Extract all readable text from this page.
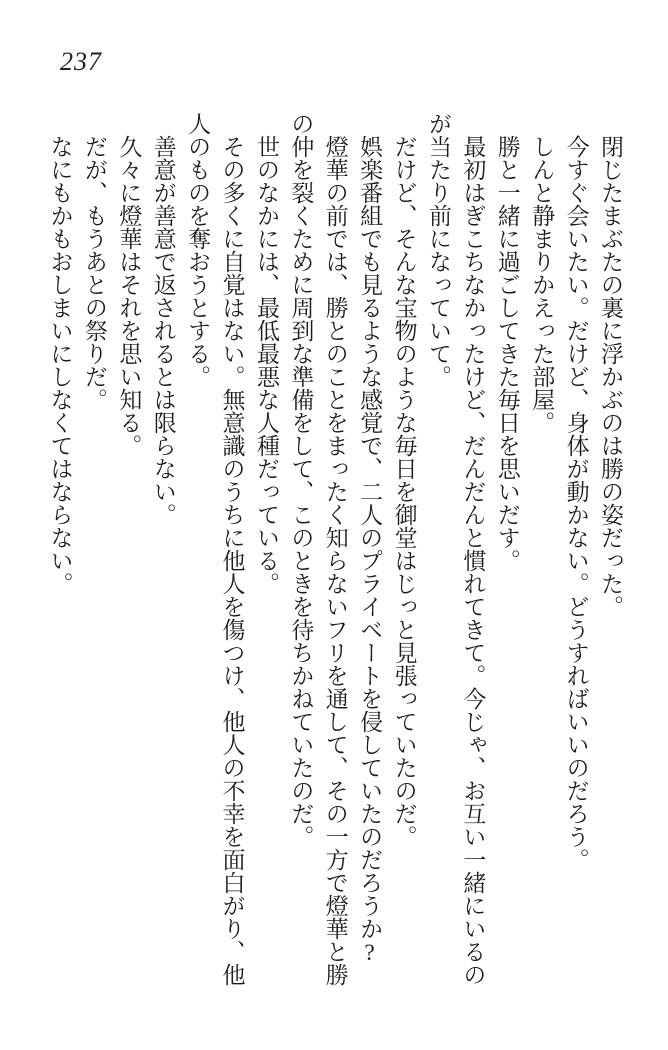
237

閉じたまぶたの裏に浮かぶのは勝の姿だった。

今すぐ会いたい。だけど、身体が動かない。どうすればいいのだろう。

しんと静まりかえった部屋。

勝と一緒に過ごしてきた毎日を思いだす。

最初はぎこちなかったけど、だんだんと慣れてきて。今じゃ、お互い一緒にいるのが当たり前になっていて。

だけど、そんな宝物のような毎日を御堂はじっと見張っていたのだ。

娯楽番組でも見るような感覚で、二人のプライベートを侵していたのだろうか?

燈華の前では、勝とのことをまったく知らないフリを通して、その一方で燈華と勝の仲を裂くために周到な準備をして、このときを待ちかねていたのだ。

世のなかには、最低最悪な人種だっている。

その多くに自覚はない。無意識のうちに他人を傷つけ、他人の不幸を面白がり、他人のものを奪おうとする。

善意が善意で返されるとは限らない。

久々に燈華はそれを思い知る。

だが、もうあとの祭りだ。

なにもかもおしまいにしなくてはならない。
